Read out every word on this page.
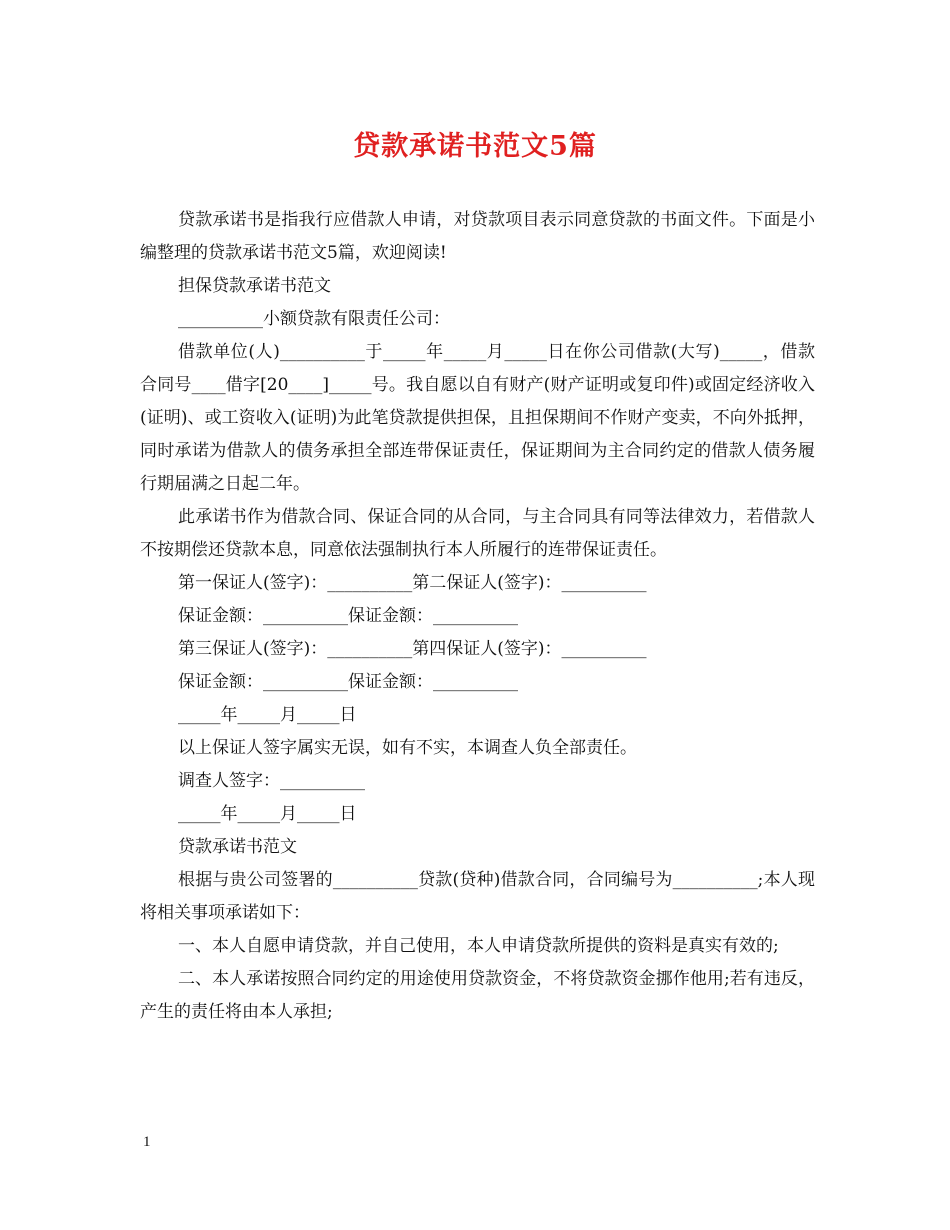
贷款承诺书范文5篇

贷款承诺书是指我行应借款人申请，对贷款项目表示同意贷款的书面文件。下面是小编整理的贷款承诺书范文5篇，欢迎阅读!

担保贷款承诺书范文

__________小额贷款有限责任公司：

借款单位(人)__________于_____年_____月_____日在你公司借款(大写)_____，借款合同号____借字[20____]_____号。我自愿以自有财产(财产证明或复印件)或固定经济收入(证明)、或工资收入(证明)为此笔贷款提供担保，且担保期间不作财产变卖，不向外抵押，同时承诺为借款人的债务承担全部连带保证责任，保证期间为主合同约定的借款人债务履行期届满之日起二年。

此承诺书作为借款合同、保证合同的从合同，与主合同具有同等法律效力，若借款人不按期偿还贷款本息，同意依法强制执行本人所履行的连带保证责任。

第一保证人(签字)：__________第二保证人(签字)：__________

保证金额：__________保证金额：__________

第三保证人(签字)：__________第四保证人(签字)：__________

保证金额：__________保证金额：__________

_____年_____月_____日

以上保证人签字属实无误，如有不实，本调查人负全部责任。

调查人签字：__________

_____年_____月_____日

贷款承诺书范文

根据与贵公司签署的__________贷款(贷种)借款合同，合同编号为__________;本人现将相关事项承诺如下：

一、本人自愿申请贷款，并自己使用，本人申请贷款所提供的资料是真实有效的;

二、本人承诺按照合同约定的用途使用贷款资金，不将贷款资金挪作他用;若有违反，产生的责任将由本人承担;

1
